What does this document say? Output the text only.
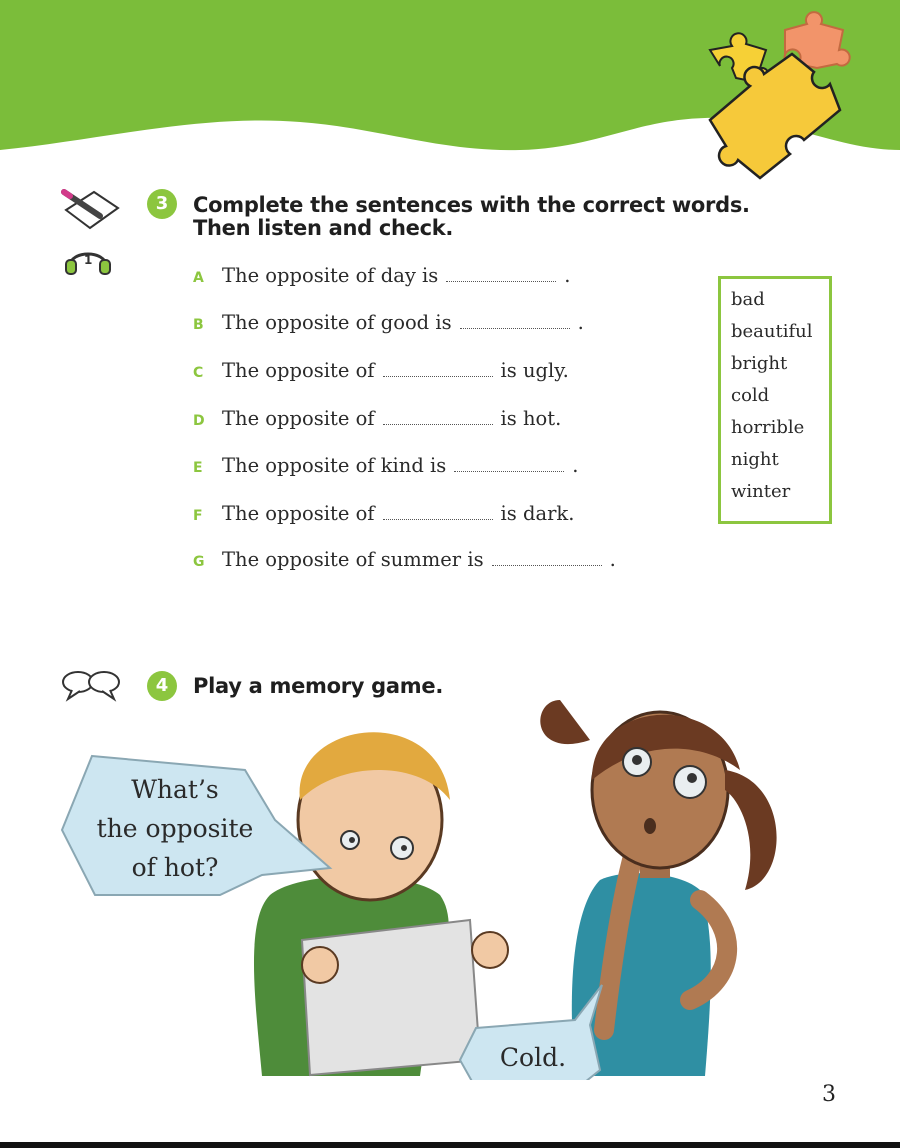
1
3	Complete the sentences with the correct words.
Then listen and check.
A The opposite of day is	.
B The opposite of good is	.
C The opposite of	is ugly.
D The opposite of	is hot.
E The opposite of kind is	.
F The opposite of	is dark.
G The opposite of summer is	.
bad
beautiful
bright
cold
horrible
night
winter
4	Play a memory game.
What’s
the opposite
of hot?
Cold.
3
